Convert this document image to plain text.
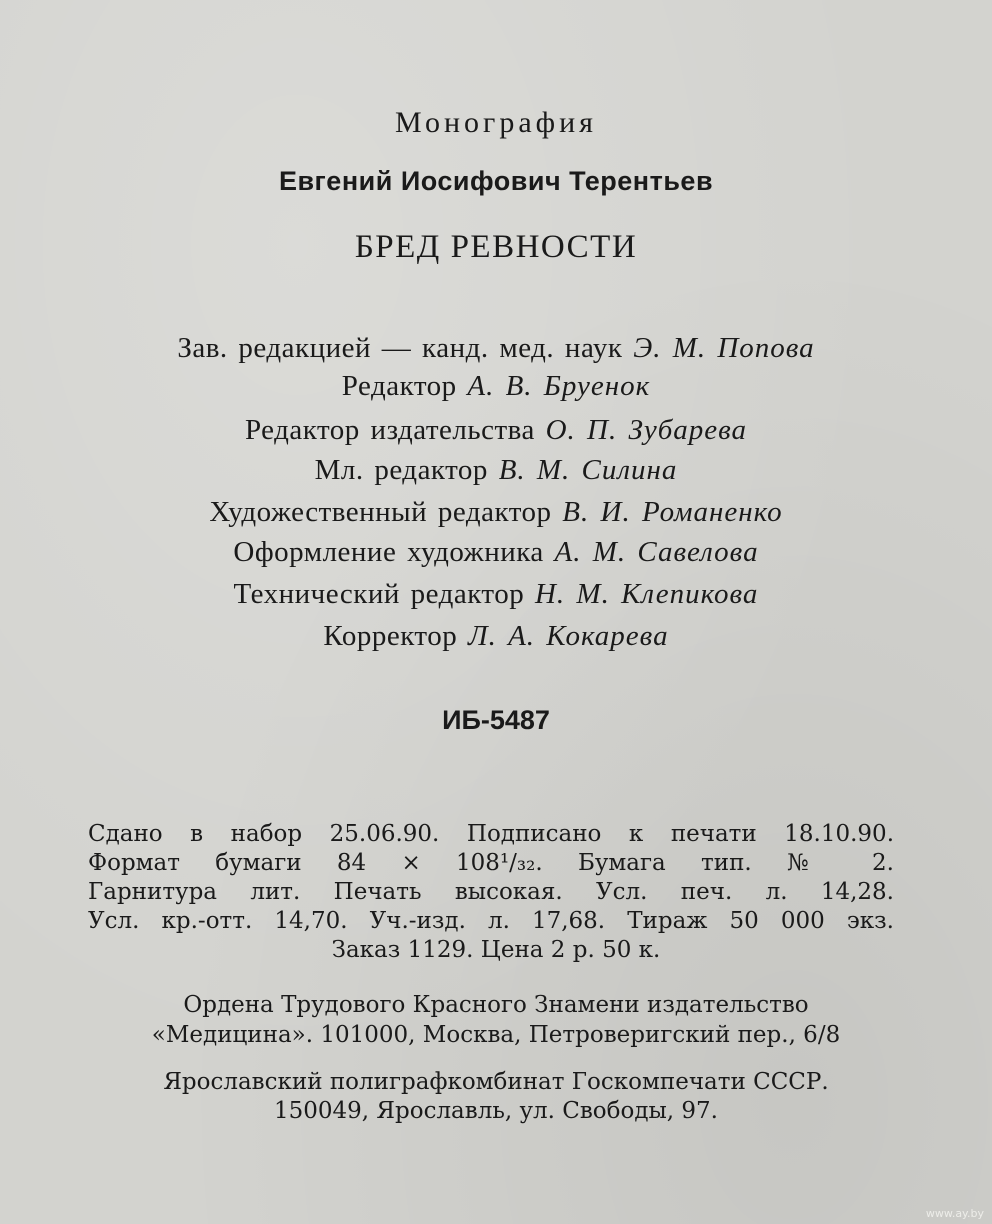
Монография
Евгений Иосифович Терентьев
БРЕД РЕВНОСТИ
Зав. редакцией — канд. мед. наук Э. М. Попова
Редактор А. В. Бруенок
Редактор издательства О. П. Зубарева
Мл. редактор В. М. Силина
Художественный редактор В. И. Романенко
Оформление художника А. М. Савелова
Технический редактор Н. М. Клепикова
Корректор Л. А. Кокарева
ИБ-5487
Сдано в набор 25.06.90. Подписано к печати 18.10.90.
Формат бумаги 84 × 108¹/₃₂. Бумага тип. № 2.
Гарнитура лит. Печать высокая. Усл. печ. л. 14,28.
Усл. кр.-отт. 14,70. Уч.-изд. л. 17,68. Тираж 50 000 экз.
Заказ 1129. Цена 2 р. 50 к.
Ордена Трудового Красного Знамени издательство
«Медицина». 101000, Москва, Петроверигский пер., 6/8
Ярославский полиграфкомбинат Госкомпечати СССР.
150049, Ярославль, ул. Свободы, 97.
www.ay.by
